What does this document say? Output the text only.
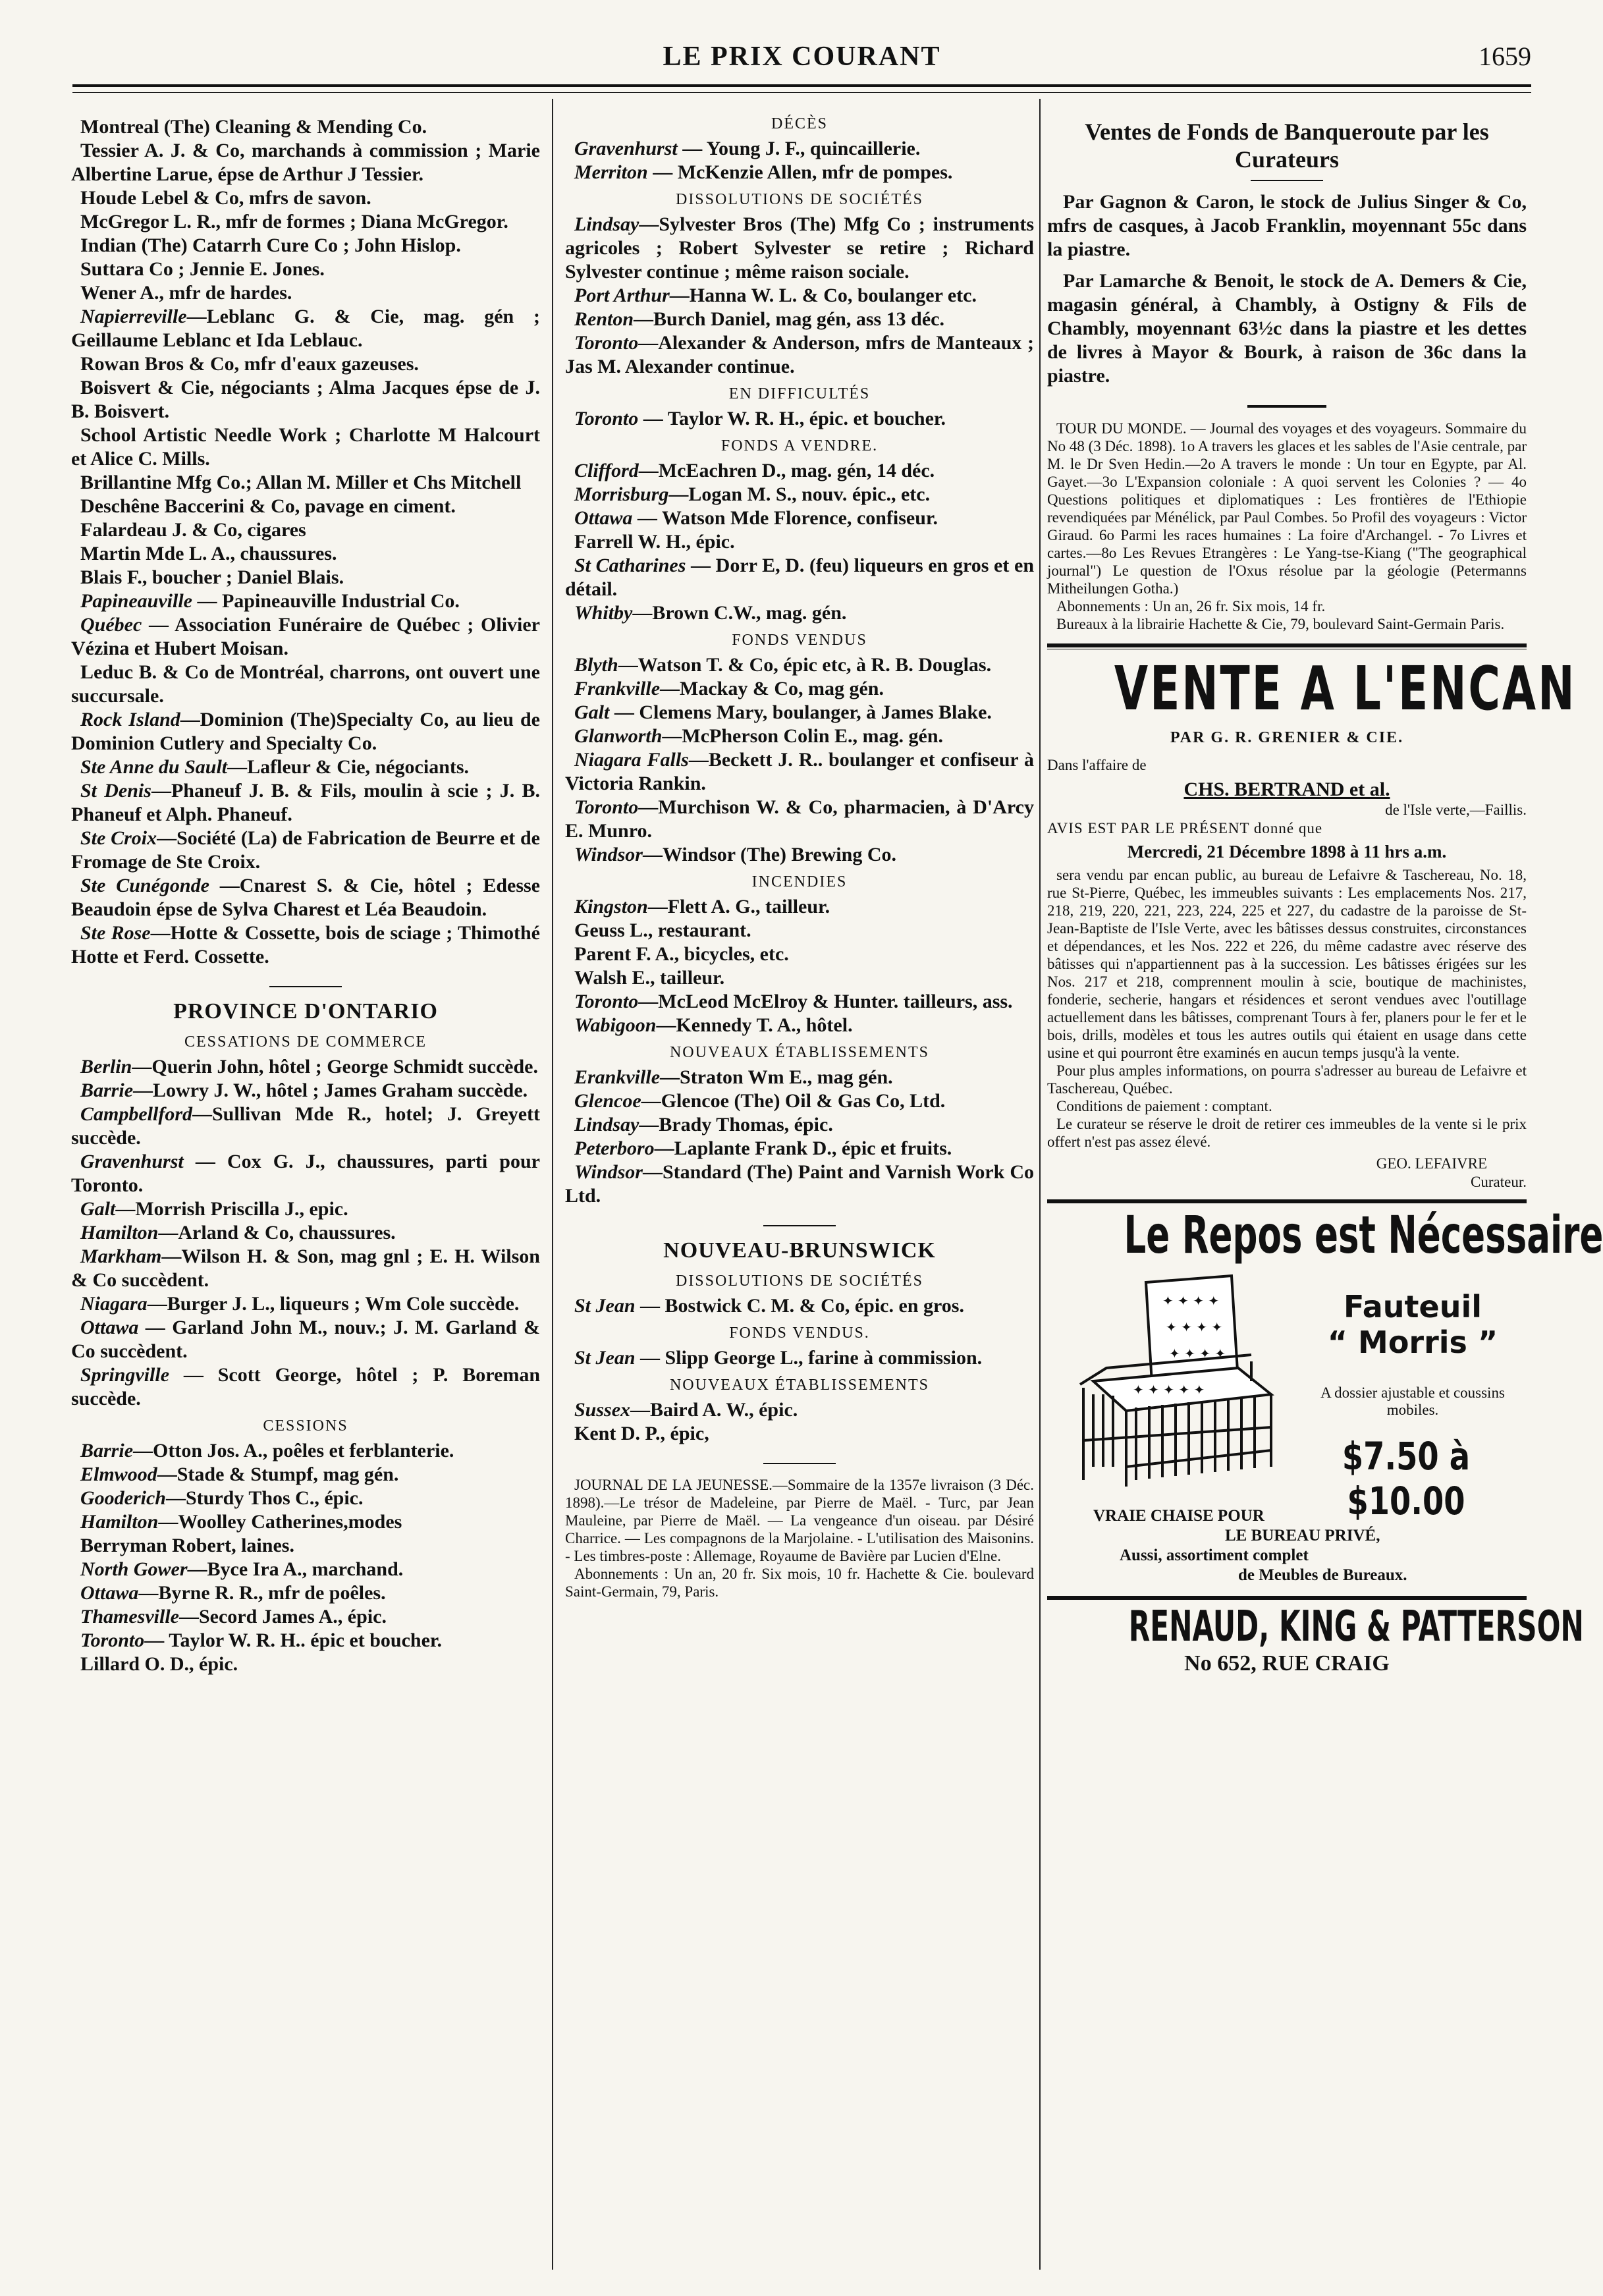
LE PRIX COURANT	1659

Montreal (The) Cleaning & Mending Co.

Tessier A. J. & Co, marchands à commission ; Marie Albertine Larue, épse de Arthur J Tessier.

Houde Lebel & Co, mfrs de savon.

McGregor L. R., mfr de formes ; Diana McGregor.

Indian (The) Catarrh Cure Co ; John Hislop.

Suttara Co ; Jennie E. Jones.

Wener A., mfr de hardes.

Napierreville—Leblanc G. & Cie, mag. gén ; Geillaume Leblanc et Ida Leblauc.

Rowan Bros & Co, mfr d'eaux gazeuses.

Boisvert & Cie, négociants ; Alma Jacques épse de J. B. Boisvert.

School Artistic Needle Work ; Charlotte M Halcourt et Alice C. Mills.

Brillantine Mfg Co.; Allan M. Miller et Chs Mitchell

Deschêne Baccerini & Co, pavage en ciment.

Falardeau J. & Co, cigares

Martin Mde L. A., chaussures.

Blais F., boucher ; Daniel Blais.

Papineauville — Papineauville Industrial Co.

Québec — Association Funéraire de Québec ; Olivier Vézina et Hubert Moisan.

Leduc B. & Co de Montréal, charrons, ont ouvert une succursale.

Rock Island—Dominion (The)Specialty Co, au lieu de Dominion Cutlery and Specialty Co.

Ste Anne du Sault—Lafleur & Cie, négociants.

St Denis—Phaneuf J. B. & Fils, moulin à scie ; J. B. Phaneuf et Alph. Phaneuf.

Ste Croix—Société (La) de Fabrication de Beurre et de Fromage de Ste Croix.

Ste Cunégonde —Cnarest S. & Cie, hôtel ; Edesse Beaudoin épse de Sylva Charest et Léa Beaudoin.

Ste Rose—Hotte & Cossette, bois de sciage ; Thimothé Hotte et Ferd. Cossette.

PROVINCE D'ONTARIO
CESSATIONS DE COMMERCE

Berlin—Querin John, hôtel ; George Schmidt succède.

Barrie—Lowry J. W., hôtel ; James Graham succède.

Campbellford—Sullivan Mde R., hotel; J. Greyett succède.

Gravenhurst — Cox G. J., chaussures, parti pour Toronto.

Galt—Morrish Priscilla J., epic.

Hamilton—Arland & Co, chaussures.

Markham—Wilson H. & Son, mag gnl ; E. H. Wilson & Co succèdent.

Niagara—Burger J. L., liqueurs ; Wm Cole succède.

Ottawa — Garland John M., nouv.; J. M. Garland & Co succèdent.

Springville — Scott George, hôtel ; P. Boreman succède.

CESSIONS

Barrie—Otton Jos. A., poêles et ferblanterie.

Elmwood—Stade & Stumpf, mag gén.

Gooderich—Sturdy Thos C., épic.

Hamilton—Woolley Catherines,modes

Berryman Robert, laines.

North Gower—Byce Ira A., marchand.

Ottawa—Byrne R. R., mfr de poêles.

Thamesville—Secord James A., épic.

Toronto— Taylor W. R. H.. épic et boucher.

Lillard O. D., épic.

DÉCÈS

Gravenhurst — Young J. F., quincaillerie.

Merriton — McKenzie Allen, mfr de pompes.

DISSOLUTIONS DE SOCIÉTÉS

Lindsay—Sylvester Bros (The) Mfg Co ; instruments agricoles ; Robert Sylvester se retire ; Richard Sylvester continue ; même raison sociale.

Port Arthur—Hanna W. L. & Co, boulanger etc.

Renton—Burch Daniel, mag gén, ass 13 déc.

Toronto—Alexander & Anderson, mfrs de Manteaux ; Jas M. Alexander continue.

EN DIFFICULTÉS

Toronto — Taylor W. R. H., épic. et boucher.

FONDS A VENDRE.

Clifford—McEachren D., mag. gén, 14 déc.

Morrisburg—Logan M. S., nouv. épic., etc.

Ottawa — Watson Mde Florence, confiseur.

Farrell W. H., épic.

St Catharines — Dorr E, D. (feu) liqueurs en gros et en détail.

Whitby—Brown C.W., mag. gén.

FONDS VENDUS

Blyth—Watson T. & Co, épic etc, à R. B. Douglas.

Frankville—Mackay & Co, mag gén.

Galt — Clemens Mary, boulanger, à James Blake.

Glanworth—McPherson Colin E., mag. gén.

Niagara Falls—Beckett J. R.. boulanger et confiseur à Victoria Rankin.

Toronto—Murchison W. & Co, pharmacien, à D'Arcy E. Munro.

Windsor—Windsor (The) Brewing Co.

INCENDIES

Kingston—Flett A. G., tailleur.

Geuss L., restaurant.

Parent F. A., bicycles, etc.

Walsh E., tailleur.

Toronto—McLeod McElroy & Hunter. tailleurs, ass.

Wabigoon—Kennedy T. A., hôtel.

NOUVEAUX ÉTABLISSEMENTS

Erankville—Straton Wm E., mag gén.

Glencoe—Glencoe (The) Oil & Gas Co, Ltd.

Lindsay—Brady Thomas, épic.

Peterboro—Laplante Frank D., épic et fruits.

Windsor—Standard (The) Paint and Varnish Work Co Ltd.

NOUVEAU-BRUNSWICK
DISSOLUTIONS DE SOCIÉTÉS

St Jean — Bostwick C. M. & Co, épic. en gros.

FONDS VENDUS.

St Jean — Slipp George L., farine à commission.

NOUVEAUX ÉTABLISSEMENTS

Sussex—Baird A. W., épic.

Kent D. P., épic,

JOURNAL DE LA JEUNESSE.—Sommaire de la 1357e livraison (3 Déc. 1898).—Le trésor de Madeleine, par Pierre de Maël. - Turc, par Jean Mauleine, par Pierre de Maël. — La vengeance d'un oiseau. par Désiré Charrice. — Les compagnons de la Marjolaine. - L'utilisation des Maisonins. - Les timbres-poste : Allemage, Royaume de Bavière par Lucien d'Elne.

Abonnements : Un an, 20 fr. Six mois, 10 fr. Hachette & Cie. boulevard Saint-Germain, 79, Paris.

Ventes de Fonds de Banqueroute par les Curateurs
Par Gagnon & Caron, le stock de Julius Singer & Co, mfrs de casques, à Jacob Franklin, moyennant 55c dans la piastre.
Par Lamarche & Benoit, le stock de A. Demers & Cie, magasin général, à Chambly, à Ostigny & Fils de Chambly, moyennant 63½c dans la piastre et les dettes de livres à Mayor & Bourk, à raison de 36c dans la piastre.

TOUR DU MONDE. — Journal des voyages et des voyageurs. Sommaire du No 48 (3 Déc. 1898). 1o A travers les glaces et les sables de l'Asie centrale, par M. le Dr Sven Hedin.—2o A travers le monde : Un tour en Egypte, par Al. Gayet.—3o L'Expansion coloniale : A quoi servent les Colonies ? — 4o Questions politiques et diplomatiques : Les frontières de l'Ethiopie revendiquées par Ménélick, par Paul Combes. 5o Profil des voyageurs : Victor Giraud. 6o Parmi les races humaines : La foire d'Archangel. - 7o Livres et cartes.—8o Les Revues Etrangères : Le Yang-tse-Kiang ("The geographical journal") Le question de l'Oxus résolue par la géologie (Petermanns Mitheilungen Gotha.)

Abonnements : Un an, 26 fr. Six mois, 14 fr.

Bureaux à la librairie Hachette & Cie, 79, boulevard Saint-Germain Paris.

VENTE A L'ENCAN
PAR G. R. GRENIER & CIE.
Dans l'affaire de
CHS. BERTRAND et al.
de l'Isle verte,—Faillis.
AVIS EST PAR LE PRÉSENT donné que
Mercredi, 21 Décembre 1898 à 11 hrs a.m.

sera vendu par encan public, au bureau de Lefaivre & Taschereau, No. 18, rue St-Pierre, Québec, les immeubles suivants : Les emplacements Nos. 217, 218, 219, 220, 221, 223, 224, 225 et 227, du cadastre de la paroisse de St-Jean-Baptiste de l'Isle Verte, avec les bâtisses dessus construites, circonstances et dépendances, et les Nos. 222 et 226, du même cadastre avec réserve des bâtisses qui n'appartiennent pas à la succession. Les bâtisses érigées sur les Nos. 217 et 218, comprennent moulin à scie, boutique de machinistes, fonderie, secherie, hangars et résidences et seront vendues avec l'outillage actuellement dans les bâtisses, comprenant Tours à fer, planers pour le fer et le bois, drills, modèles et tous les autres outils qui étaient en usage dans cette usine et qui pourront être examinés en aucun temps jusqu'à la vente.

Pour plus amples informations, on pourra s'adresser au bureau de Lefaivre et Taschereau, Québec.

Conditions de paiement : comptant.

Le curateur se réserve le droit de retirer ces immeubles de la vente si le prix offert n'est pas assez élevé.

GEO. LEFAIVRE
Curateur.
Le Repos est Nécessaire
✦ ✦ ✦ ✦
✦ ✦ ✦ ✦
✦ ✦ ✦ ✦
✦ ✦ ✦ ✦ ✦
Fauteuil
“ Morris ”
A dossier ajustable et coussins mobiles.
$7.50 à $10.00
VRAIE CHAISE POUR
LE BUREAU PRIVÉ,
Aussi, assortiment complet
de Meubles de Bureaux.
RENAUD, KING & PATTERSON
No 652, RUE CRAIG
